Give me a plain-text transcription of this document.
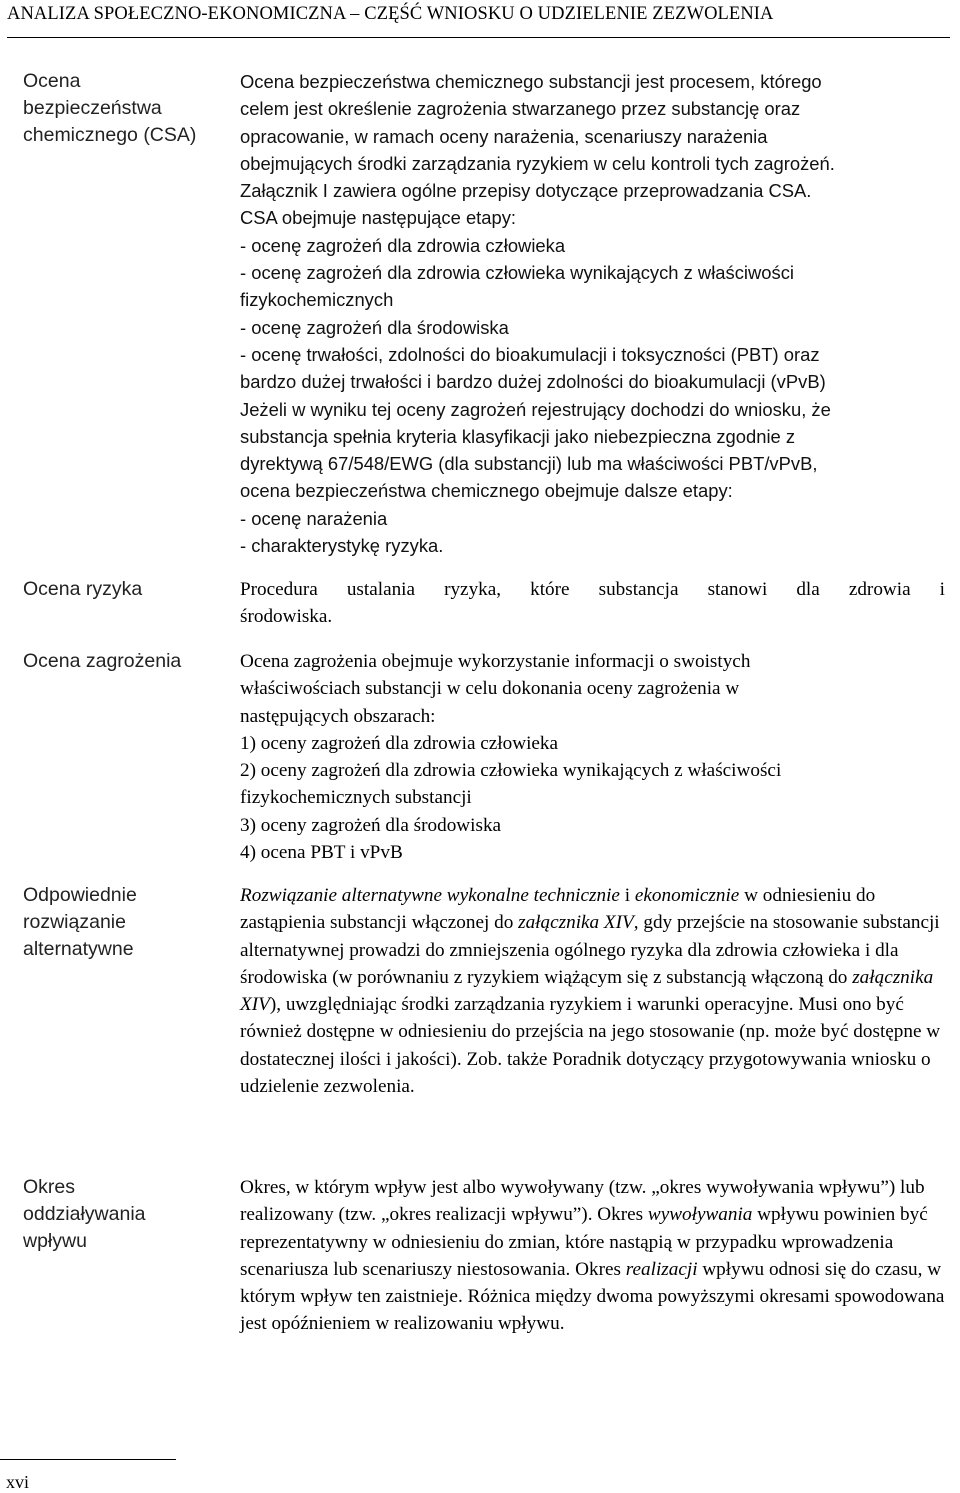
ANALIZA SPOŁECZNO-EKONOMICZNA – CZĘŚĆ WNIOSKU O UDZIELENIE ZEZWOLENIA
Ocena
bezpieczeństwa
chemicznego (CSA)
Ocena bezpieczeństwa chemicznego substancji jest procesem, którego
celem jest określenie zagrożenia stwarzanego przez substancję oraz
opracowanie, w ramach oceny narażenia, scenariuszy narażenia
obejmujących środki zarządzania ryzykiem w celu kontroli tych zagrożeń.
Załącznik I zawiera ogólne przepisy dotyczące przeprowadzania CSA.
CSA obejmuje następujące etapy:
- ocenę zagrożeń dla zdrowia człowieka
- ocenę zagrożeń dla zdrowia człowieka wynikających z właściwości
fizykochemicznych
- ocenę zagrożeń dla środowiska
- ocenę trwałości, zdolności do bioakumulacji i toksyczności (PBT) oraz
bardzo dużej trwałości i bardzo dużej zdolności do bioakumulacji (vPvB)
Jeżeli w wyniku tej oceny zagrożeń rejestrujący dochodzi do wniosku, że
substancja spełnia kryteria klasyfikacji jako niebezpieczna zgodnie z
dyrektywą 67/548/EWG (dla substancji) lub ma właściwości PBT/vPvB,
ocena bezpieczeństwa chemicznego obejmuje dalsze etapy:
- ocenę narażenia
- charakterystykę ryzyka.
Ocena ryzyka	Procedura ustalania ryzyka, które substancja stanowi dla zdrowia i
środowiska.
Ocena zagrożenia	Ocena zagrożenia obejmuje wykorzystanie informacji o swoistych
właściwościach substancji w celu dokonania oceny zagrożenia w
następujących obszarach:
1) oceny zagrożeń dla zdrowia człowieka
2) oceny zagrożeń dla zdrowia człowieka wynikających z właściwości
fizykochemicznych substancji
3) oceny zagrożeń dla środowiska
4) ocena PBT i vPvB
Odpowiednie
rozwiązanie
alternatywne
Rozwiązanie alternatywne wykonalne technicznie i ekonomicznie w odniesieniu do zastąpienia substancji włączonej do załącznika XIV, gdy przejście na stosowanie substancji alternatywnej prowadzi do zmniejszenia ogólnego ryzyka dla zdrowia człowieka i dla środowiska (w porównaniu z ryzykiem wiążącym się z substancją włączoną do załącznika XIV), uwzględniając środki zarządzania ryzykiem i warunki operacyjne. Musi ono być również dostępne w odniesieniu do przejścia na jego stosowanie (np. może być dostępne w dostatecznej ilości i jakości). Zob. także Poradnik dotyczący przygotowywania wniosku o udzielenie zezwolenia.
Okres
oddziaływania
wpływu
Okres, w którym wpływ jest albo wywoływany (tzw. „okres wywoływania wpływu”) lub realizowany (tzw. „okres realizacji wpływu”). Okres wywoływania wpływu powinien być reprezentatywny w odniesieniu do zmian, które nastąpią w przypadku wprowadzenia scenariusza lub scenariuszy niestosowania. Okres realizacji wpływu odnosi się do czasu, w którym wpływ ten zaistnieje. Różnica między dwoma powyższymi okresami spowodowana jest opóźnieniem w realizowaniu wpływu.
xvi
